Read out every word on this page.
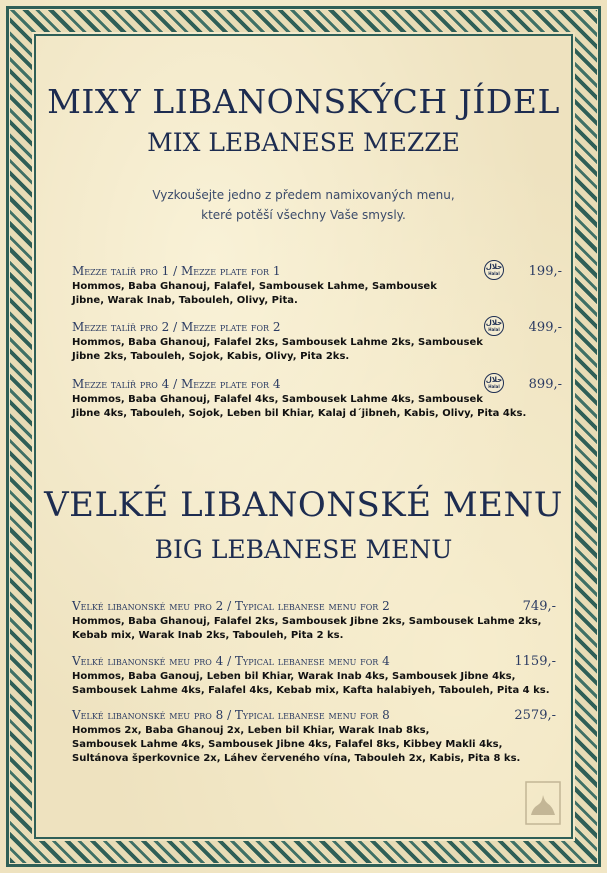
MIXY LIBANONSKÝCH JÍDEL
MIX LEBANESE MEZZE
Vyzkoušejte jedno z předem namixovaných menu,
které potěší všechny Vaše smysly.
Mezze talíř pro 1 / Mezze plate for 1
Hommos, Baba Ghanouj, Falafel, Sambousek Lahme, Sambousek
Jibne, Warak Inab, Tabouleh, Olivy, Pita.
حلال
Halal 199,-
Mezze talíř pro 2 / Mezze plate for 2
Hommos, Baba Ghanouj, Falafel 2ks, Sambousek Lahme 2ks, Sambousek
Jibne 2ks, Tabouleh, Sojok, Kabis, Olivy, Pita 2ks.
حلال
Halal 499,-
Mezze talíř pro 4 / Mezze plate for 4
Hommos, Baba Ghanouj, Falafel 4ks, Sambousek Lahme 4ks, Sambousek
Jibne 4ks, Tabouleh, Sojok, Leben bil Khiar, Kalaj d´jibneh, Kabis, Olivy, Pita 4ks.
حلال
Halal 899,-
VELKÉ LIBANONSKÉ MENU
BIG LEBANESE MENU
Velké libanonské meu pro 2 / Typical lebanese menu for 2
Hommos, Baba Ghanouj, Falafel 2ks, Sambousek Jibne 2ks, Sambousek Lahme 2ks,
Kebab mix, Warak Inab 2ks, Tabouleh, Pita 2 ks.
749,-
Velké libanonské meu pro 4 / Typical lebanese menu for 4
Hommos, Baba Ganouj, Leben bil Khiar, Warak Inab 4ks, Sambousek Jibne 4ks,
Sambousek Lahme 4ks, Falafel 4ks, Kebab mix, Kafta halabiyeh, Tabouleh, Pita 4 ks.
1159,-
Velké libanonské meu pro 8 / Typical lebanese menu for 8
Hommos 2x, Baba Ghanouj 2x, Leben bil Khiar, Warak Inab 8ks,
Sambousek Lahme 4ks, Sambousek Jibne 4ks, Falafel 8ks, Kibbey Makli 4ks,
Sultánova šperkovnice 2x, Láhev červeného vína, Tabouleh 2x, Kabis, Pita 8 ks.
2579,-
